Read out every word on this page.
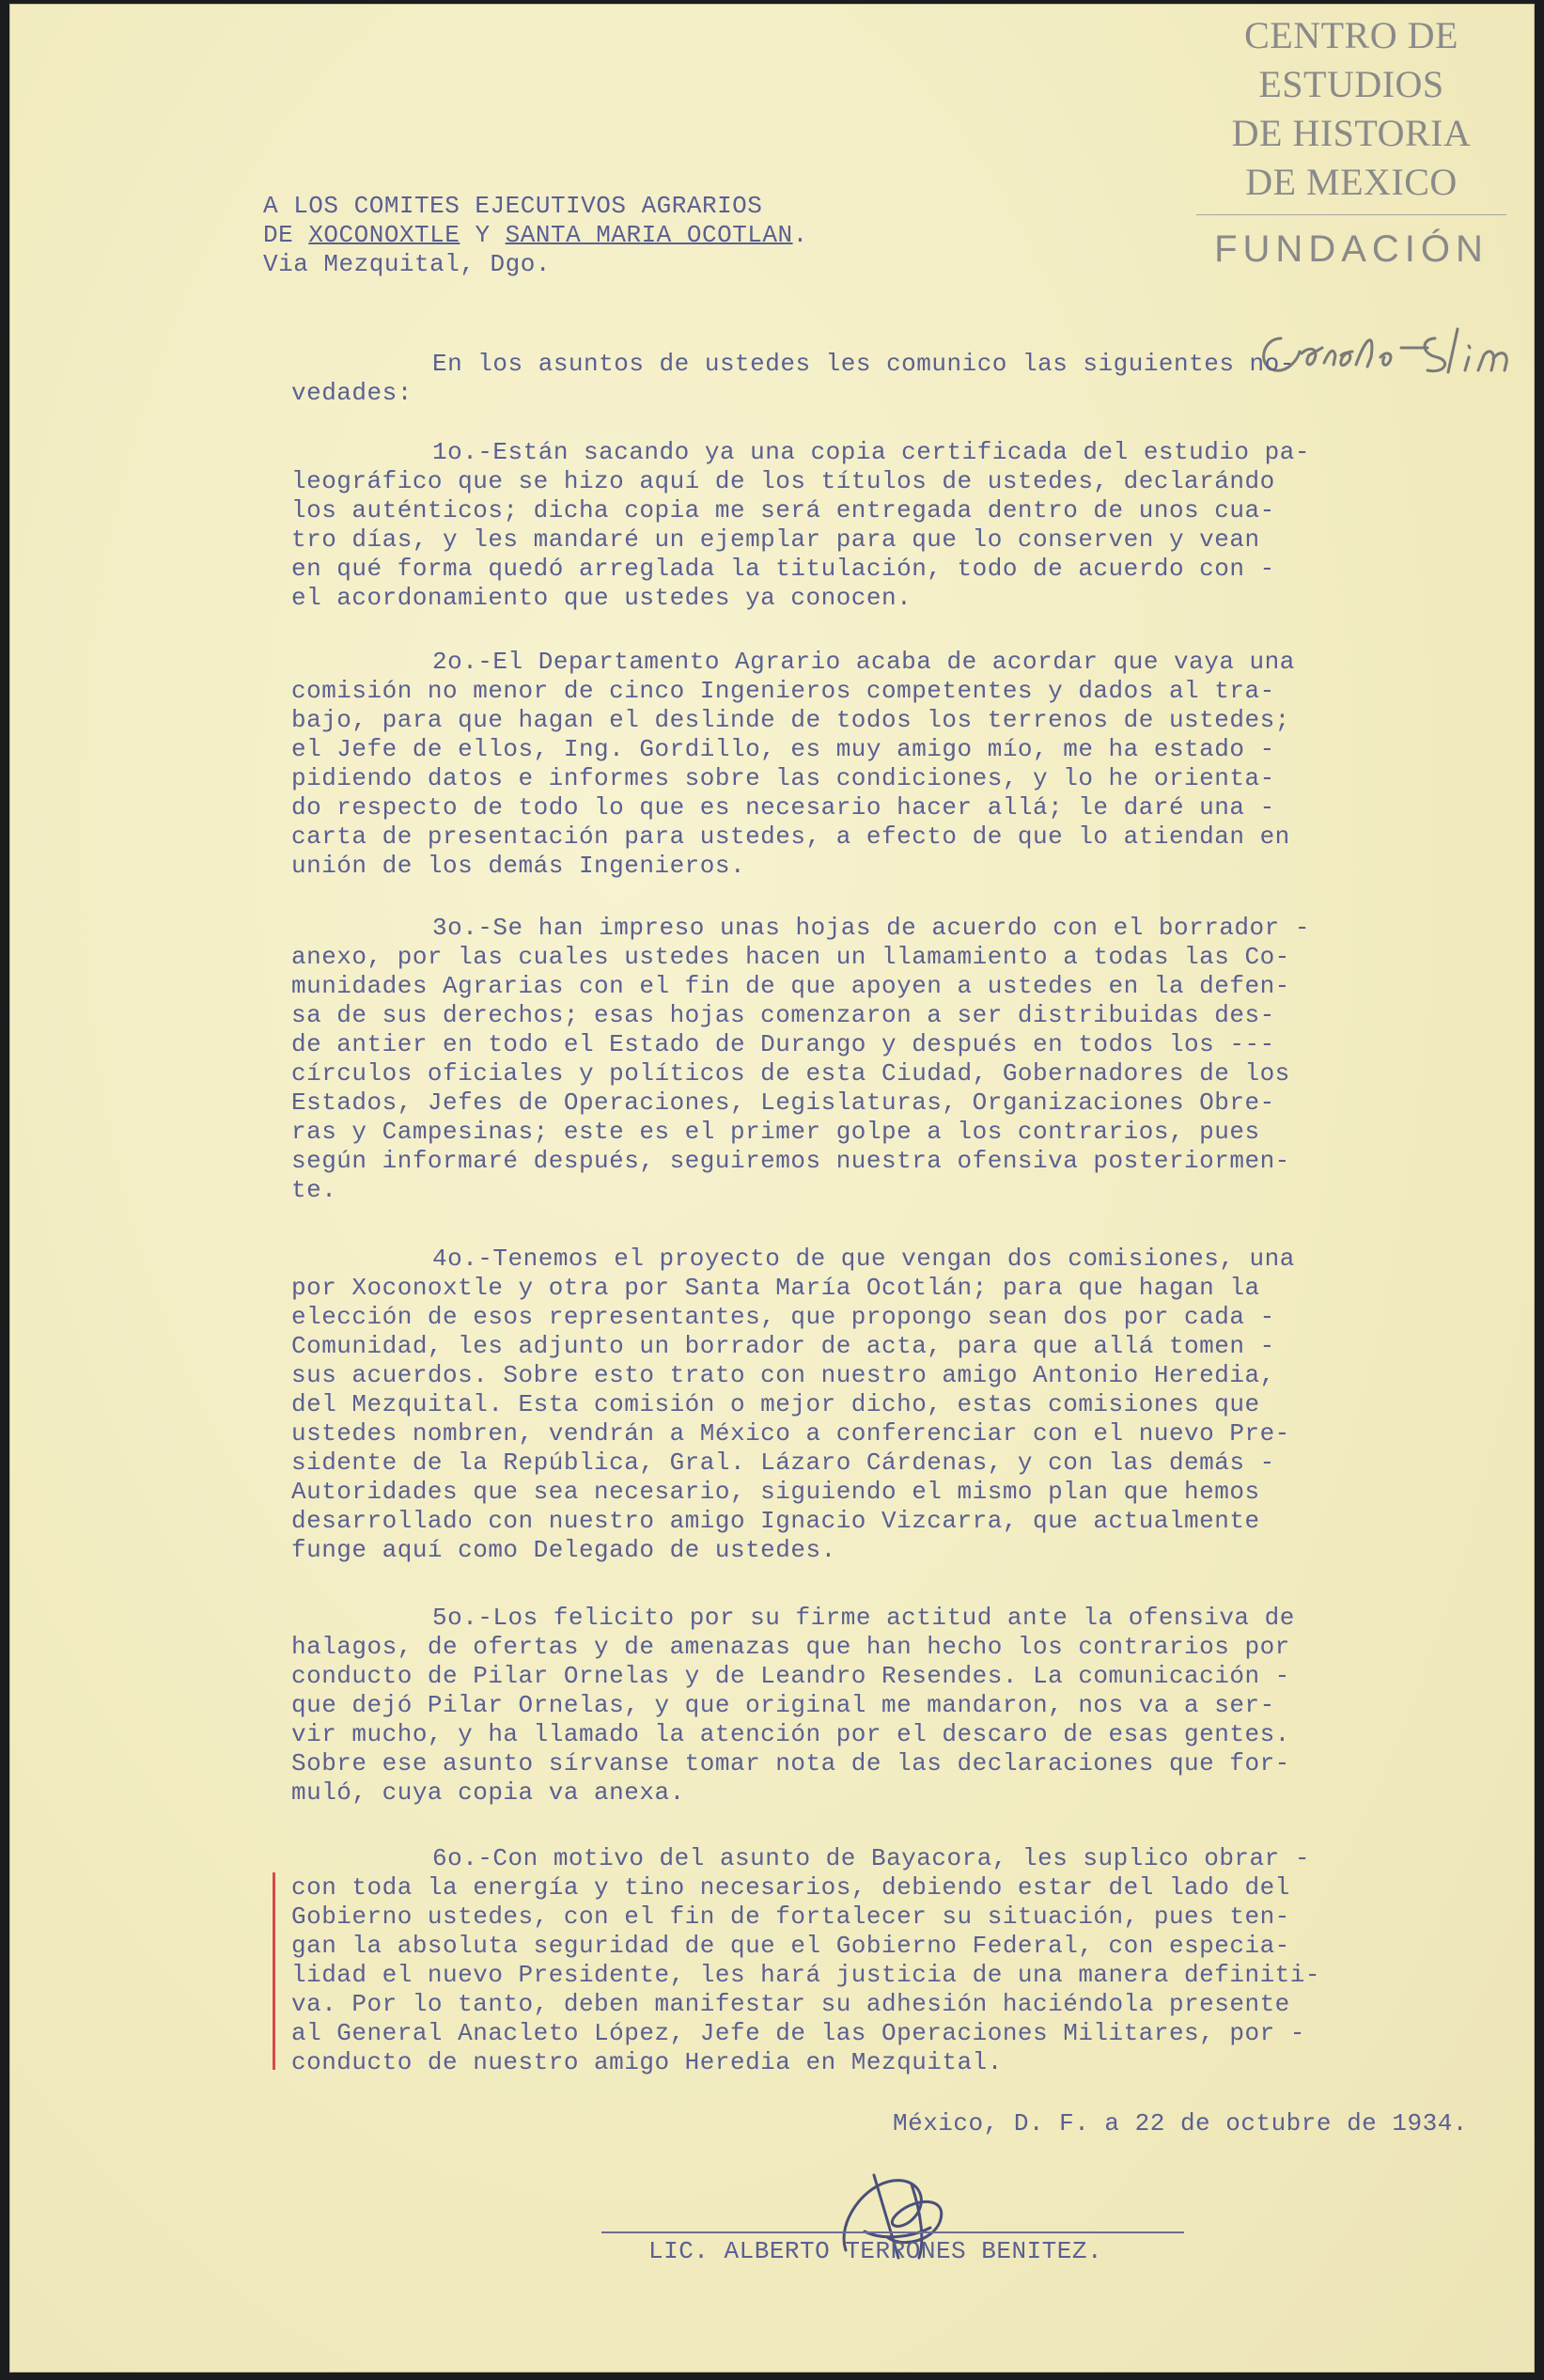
CENTRO DE
ESTUDIOS
DE HISTORIA
DE MEXICO
FUNDACIÓN
A LOS COMITES EJECUTIVOS AGRARIOS
DE XOCONOXTLE Y SANTA MARIA OCOTLAN.
Via Mezquital, Dgo.
En los asuntos de ustedes les comunico las siguientes no-
vedades:
1o.-Están sacando ya una copia certificada del estudio pa-
leográfico que se hizo aquí de los títulos de ustedes, declarándo
los auténticos; dicha copia me será entregada dentro de unos cua-
tro días, y les mandaré un ejemplar para que lo conserven y vean
en qué forma quedó arreglada la titulación, todo de acuerdo con -
el acordonamiento que ustedes ya conocen.
2o.-El Departamento Agrario acaba de acordar que vaya una
comisión no menor de cinco Ingenieros competentes y dados al tra-
bajo, para que hagan el deslinde de todos los terrenos de ustedes;
el Jefe de ellos, Ing. Gordillo, es muy amigo mío, me ha estado -
pidiendo datos e informes sobre las condiciones, y lo he orienta-
do respecto de todo lo que es necesario hacer allá; le daré una -
carta de presentación para ustedes, a efecto de que lo atiendan en
unión de los demás Ingenieros.
3o.-Se han impreso unas hojas de acuerdo con el borrador -
anexo, por las cuales ustedes hacen un llamamiento a todas las Co-
munidades Agrarias con el fin de que apoyen a ustedes en la defen-
sa de sus derechos; esas hojas comenzaron a ser distribuidas des-
de antier en todo el Estado de Durango y después en todos los ---
círculos oficiales y políticos de esta Ciudad, Gobernadores de los
Estados, Jefes de Operaciones, Legislaturas, Organizaciones Obre-
ras y Campesinas; este es el primer golpe a los contrarios, pues
según informaré después, seguiremos nuestra ofensiva posteriormen-
te.
4o.-Tenemos el proyecto de que vengan dos comisiones, una
por Xoconoxtle y otra por Santa María Ocotlán; para que hagan la
elección de esos representantes, que propongo sean dos por cada -
Comunidad, les adjunto un borrador de acta, para que allá tomen -
sus acuerdos. Sobre esto trato con nuestro amigo Antonio Heredia,
del Mezquital. Esta comisión o mejor dicho, estas comisiones que
ustedes nombren, vendrán a México a conferenciar con el nuevo Pre-
sidente de la República, Gral. Lázaro Cárdenas, y con las demás -
Autoridades que sea necesario, siguiendo el mismo plan que hemos
desarrollado con nuestro amigo Ignacio Vizcarra, que actualmente
funge aquí como Delegado de ustedes.
5o.-Los felicito por su firme actitud ante la ofensiva de
halagos, de ofertas y de amenazas que han hecho los contrarios por
conducto de Pilar Ornelas y de Leandro Resendes. La comunicación -
que dejó Pilar Ornelas, y que original me mandaron, nos va a ser-
vir mucho, y ha llamado la atención por el descaro de esas gentes.
Sobre ese asunto sírvanse tomar nota de las declaraciones que for-
muló, cuya copia va anexa.
6o.-Con motivo del asunto de Bayacora, les suplico obrar -
con toda la energía y tino necesarios, debiendo estar del lado del
Gobierno ustedes, con el fin de fortalecer su situación, pues ten-
gan la absoluta seguridad de que el Gobierno Federal, con especia-
lidad el nuevo Presidente, les hará justicia de una manera definiti-
va. Por lo tanto, deben manifestar su adhesión haciéndola presente
al General Anacleto López, Jefe de las Operaciones Militares, por -
conducto de nuestro amigo Heredia en Mezquital.
México, D. F. a 22 de octubre de 1934.
LIC. ALBERTO TERRONES BENITEZ.
